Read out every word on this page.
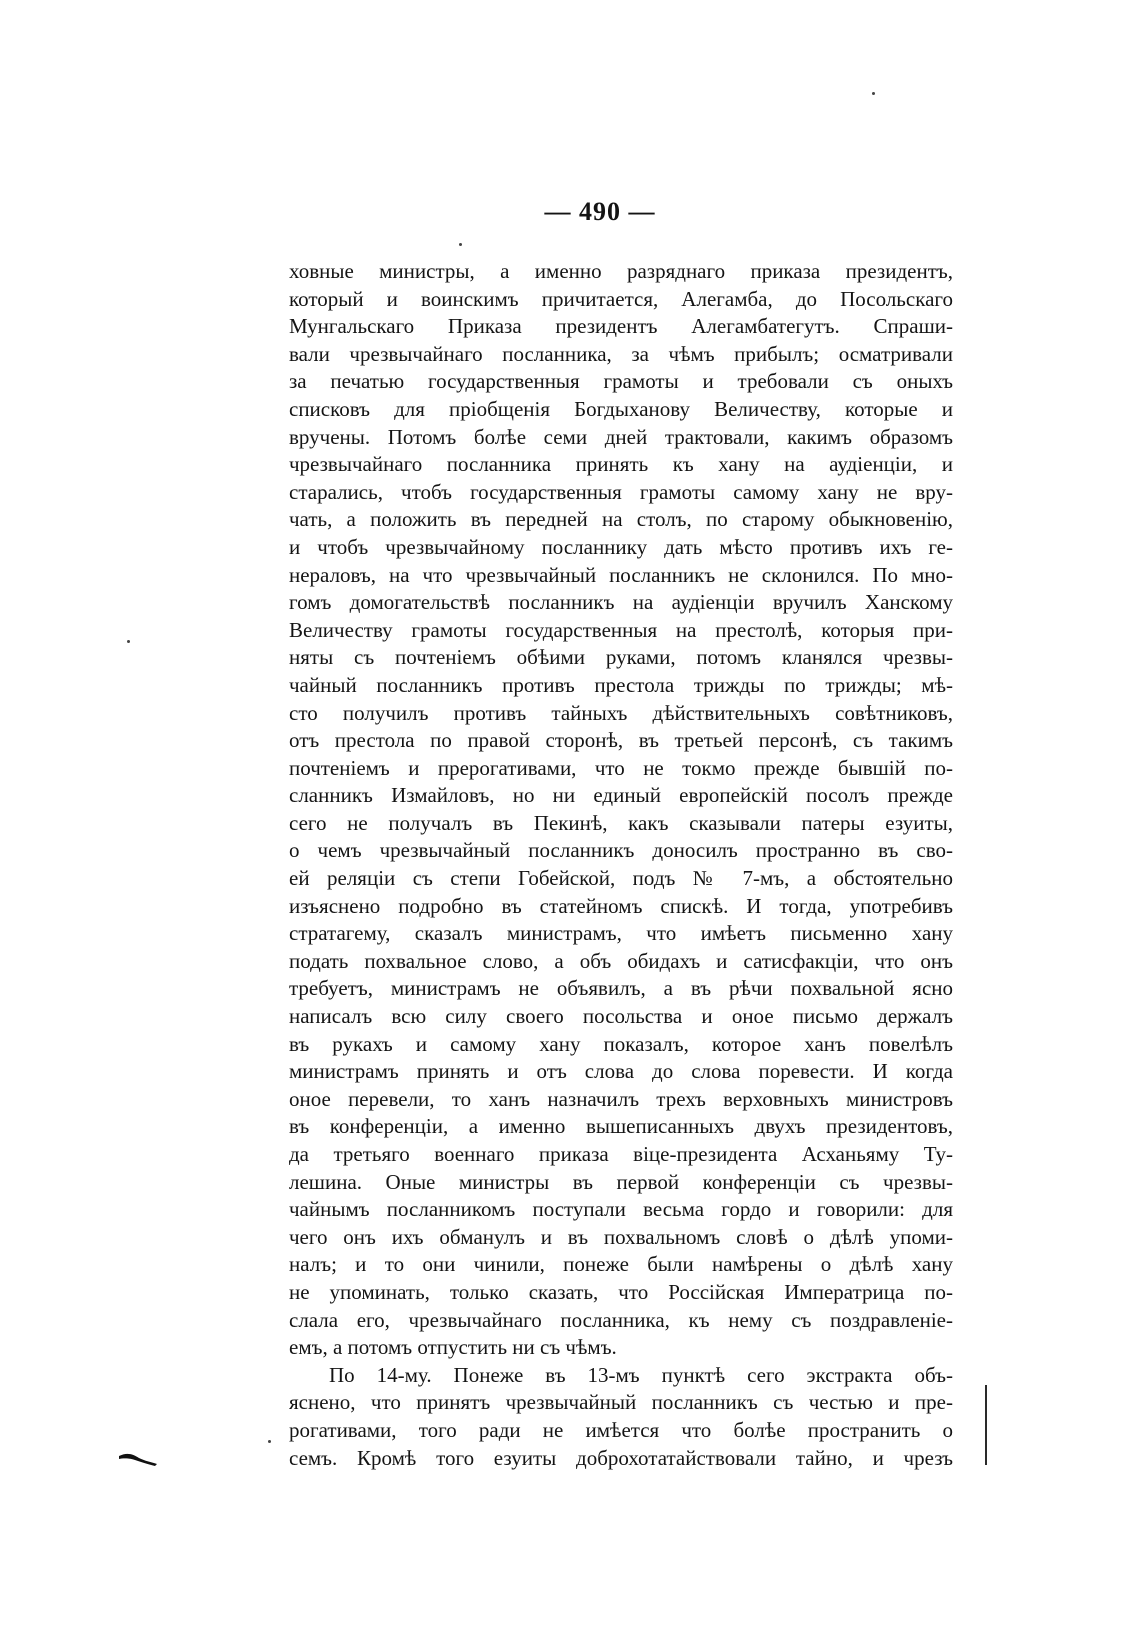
— 490 —
ховные министры, а именно разряднаго приказа президентъ,
который и воинскимъ причитается, Алегамба, до Посольскаго
Мунгальскаго Приказа президентъ Алегамбатегутъ. Спраши-
вали чрезвычайнаго посланника, за чѣмъ прибылъ; осматривали
за печатью государственныя грамоты и требовали съ оныхъ
списковъ для пріобщенія Богдыханову Величеству, которые и
вручены. Потомъ болѣе семи дней трактовали, какимъ образомъ
чрезвычайнаго посланника принять къ хану на аудіенціи, и
старались, чтобъ государственныя грамоты самому хану не вру-
чать, а положить въ передней на столъ, по старому обыкновенію,
и чтобъ чрезвычайному посланнику дать мѣсто противъ ихъ ге-
нераловъ, на что чрезвычайный посланникъ не склонился. По мно-
гомъ домогательствѣ посланникъ на аудіенціи вручилъ Ханскому
Величеству грамоты государственныя на престолѣ, которыя при-
няты съ почтеніемъ обѣими руками, потомъ кланялся чрезвы-
чайный посланникъ противъ престола трижды по трижды; мѣ-
сто получилъ противъ тайныхъ дѣйствительныхъ совѣтниковъ,
отъ престола по правой сторонѣ, въ третьей персонѣ, съ такимъ
почтеніемъ и прерогативами, что не токмо прежде бывшій по-
сланникъ Измайловъ, но ни единый европейскій посолъ прежде
сего не получалъ въ Пекинѣ, какъ сказывали патеры езуиты,
о чемъ чрезвычайный посланникъ доносилъ пространно въ сво-
ей реляціи съ степи Гобейской, подъ № 7-мъ, а обстоятельно
изъяснено подробно въ статейномъ спискѣ. И тогда, употребивъ
стратагему, сказалъ министрамъ, что имѣетъ письменно хану
подать похвальное слово, а объ обидахъ и сатисфакціи, что онъ
требуетъ, министрамъ не объявилъ, а въ рѣчи похвальной ясно
написалъ всю силу своего посольства и оное письмо держалъ
въ рукахъ и самому хану показалъ, которое ханъ повелѣлъ
министрамъ принять и отъ слова до слова поревести. И когда
оное перевели, то ханъ назначилъ трехъ верховныхъ министровъ
въ конференціи, а именно вышеписанныхъ двухъ президентовъ,
да третьяго военнаго приказа віце-президента Асханьяму Ту-
лешина. Оные министры въ первой конференціи съ чрезвы-
чайнымъ посланникомъ поступали весьма гордо и говорили: для
чего онъ ихъ обманулъ и въ похвальномъ словѣ о дѣлѣ упоми-
налъ; и то они чинили, понеже были намѣрены о дѣлѣ хану
не упоминать, только сказать, что Россійская Императрица по-
слала его, чрезвычайнаго посланника, къ нему съ поздравленіе-
емъ, а потомъ отпустить ни съ чѣмъ.
По 14-му. Понеже въ 13-мъ пунктѣ сего экстракта объ-
яснено, что принятъ чрезвычайный посланникъ съ честью и пре-
рогативами, того ради не имѣется что болѣе пространить о
семъ. Кромѣ того езуиты доброхотатайствовали тайно, и чрезъ
